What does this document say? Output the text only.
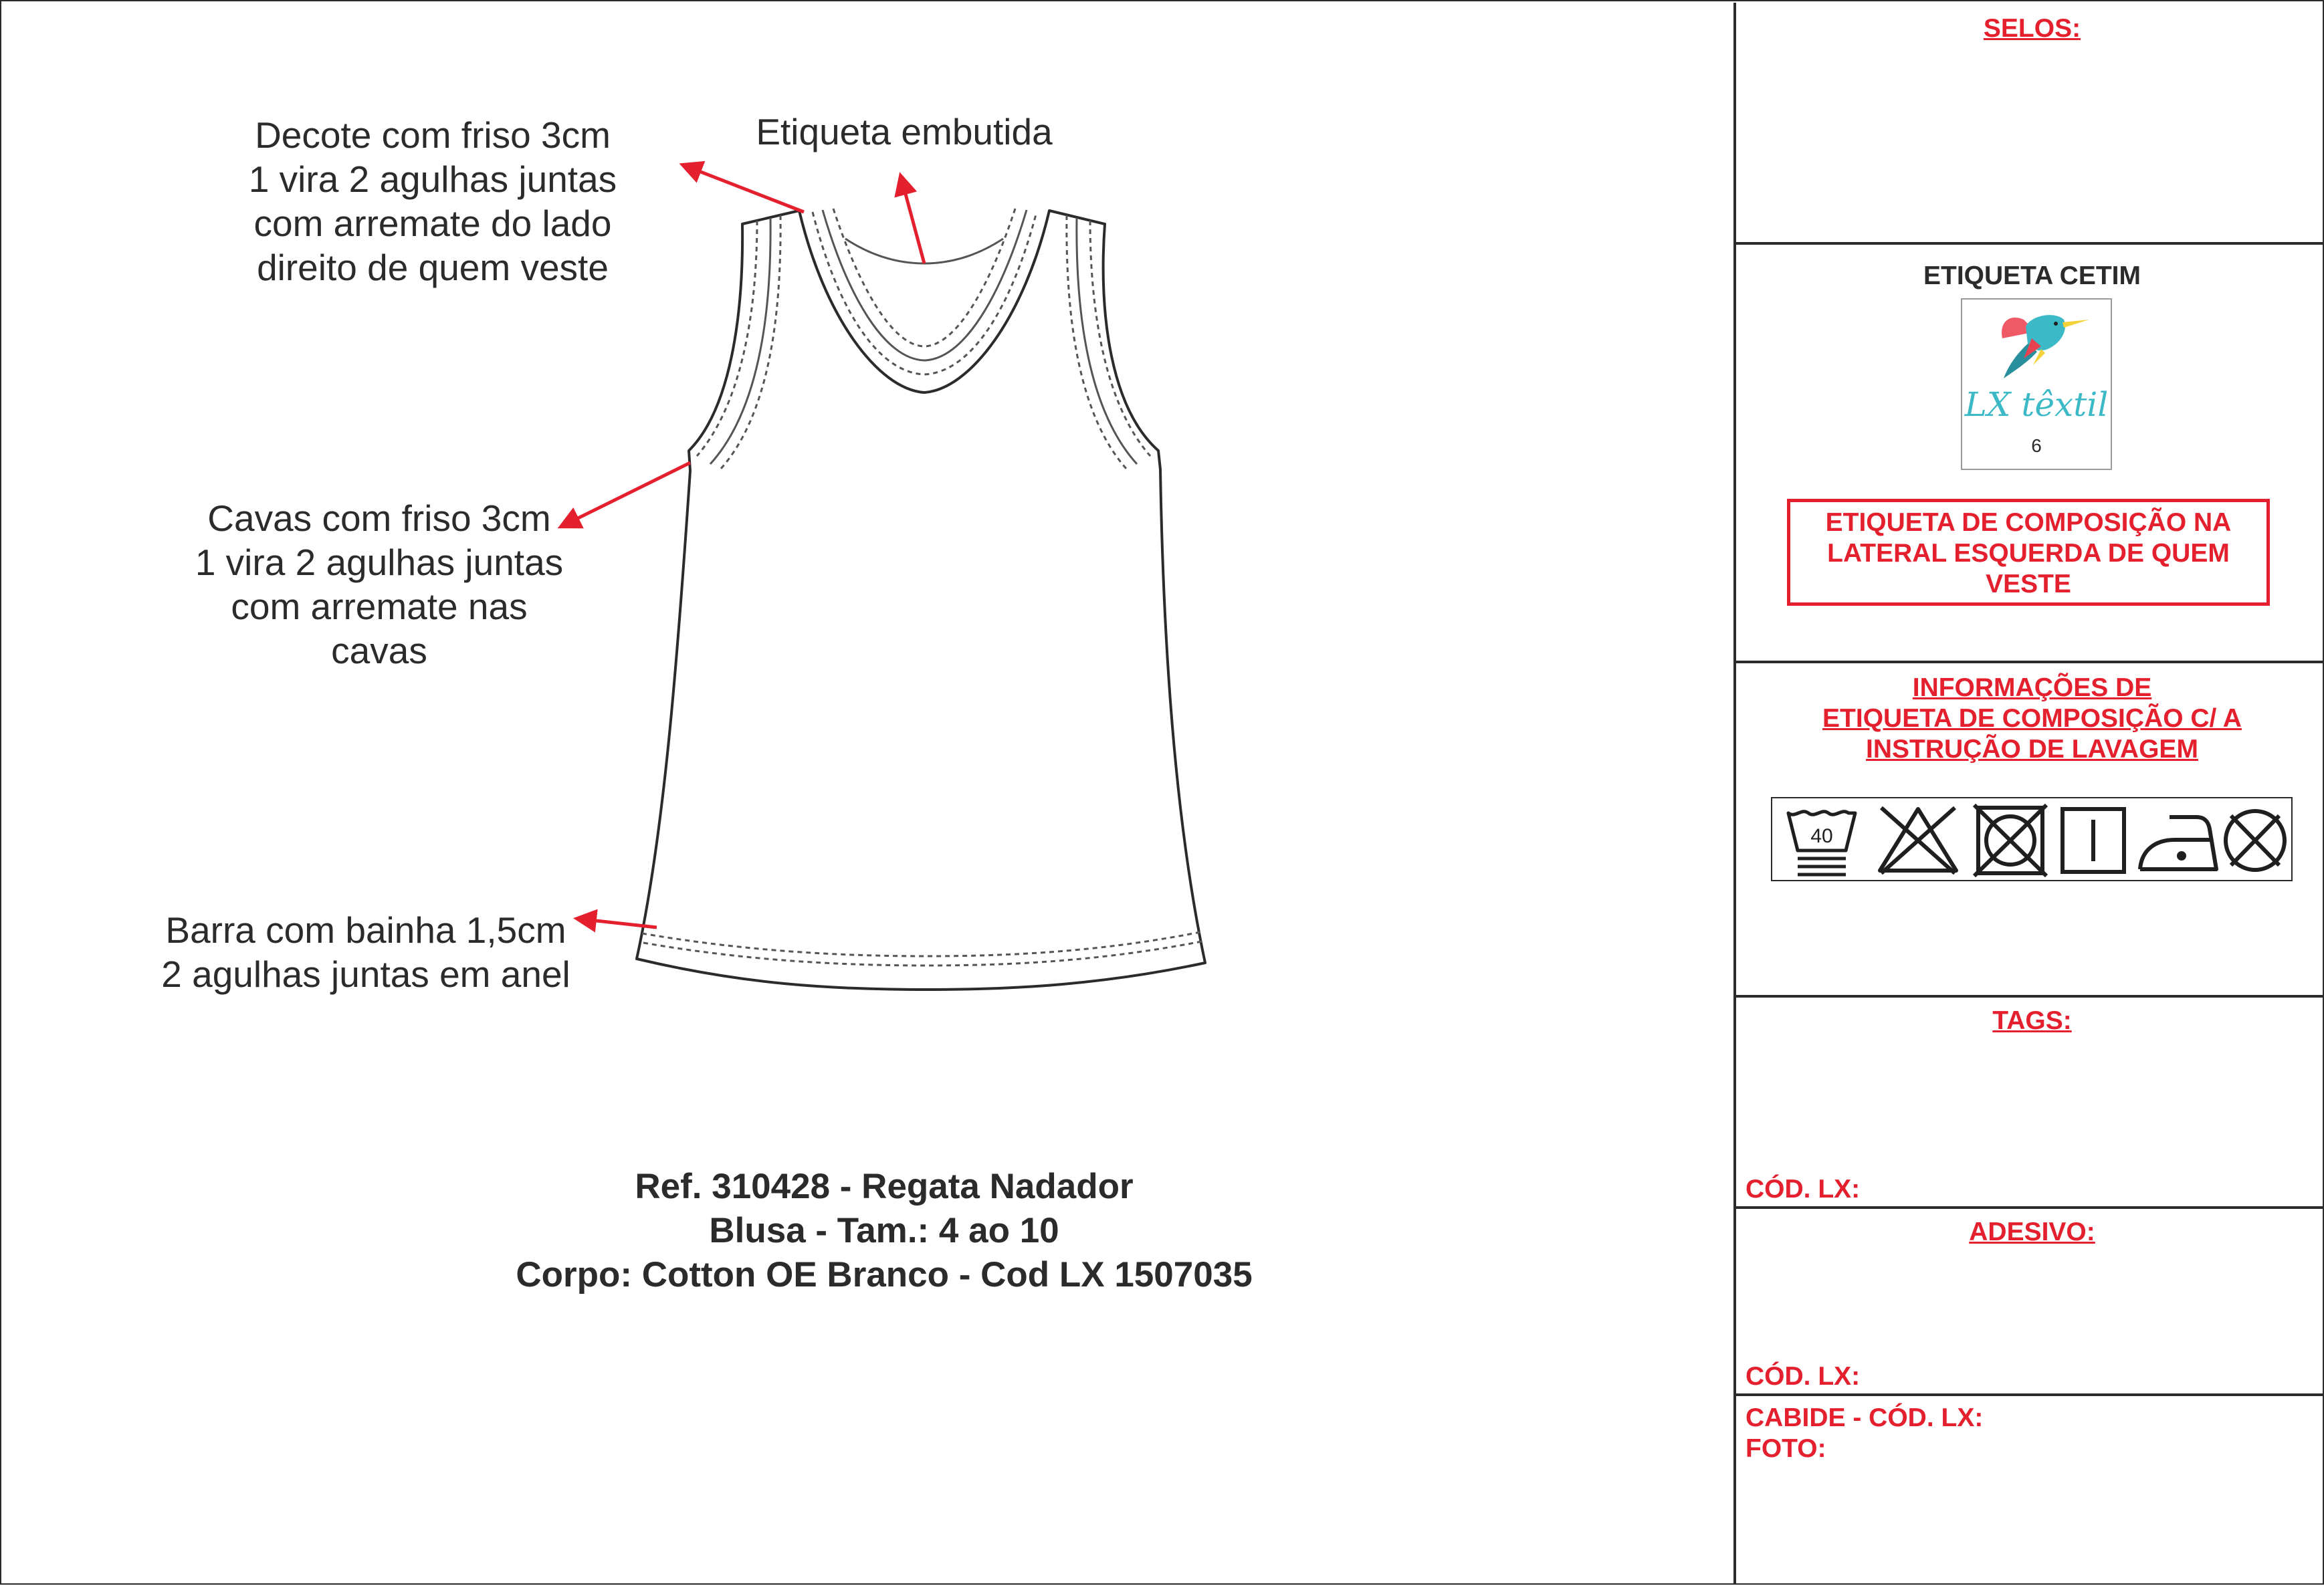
Decote com friso 3cm
1 vira 2 agulhas juntas
com arremate do lado
direito de quem veste
Etiqueta embutida
Cavas com friso 3cm
1 vira 2 agulhas juntas
com arremate nas
cavas
Barra com bainha 1,5cm
2 agulhas juntas em anel
Ref. 310428 - Regata Nadador
Blusa - Tam.: 4 ao 10
Corpo: Cotton OE Branco - Cod LX 1507035
SELOS:
ETIQUETA CETIM
LX têxtil
6
ETIQUETA DE COMPOSIÇÃO NA
LATERAL ESQUERDA DE QUEM
VESTE
INFORMAÇÕES DE
ETIQUETA DE COMPOSIÇÃO C/ A
INSTRUÇÃO DE LAVAGEM
40
TAGS:
CÓD. LX:
ADESIVO:
CÓD. LX:
CABIDE - CÓD. LX:
FOTO:
